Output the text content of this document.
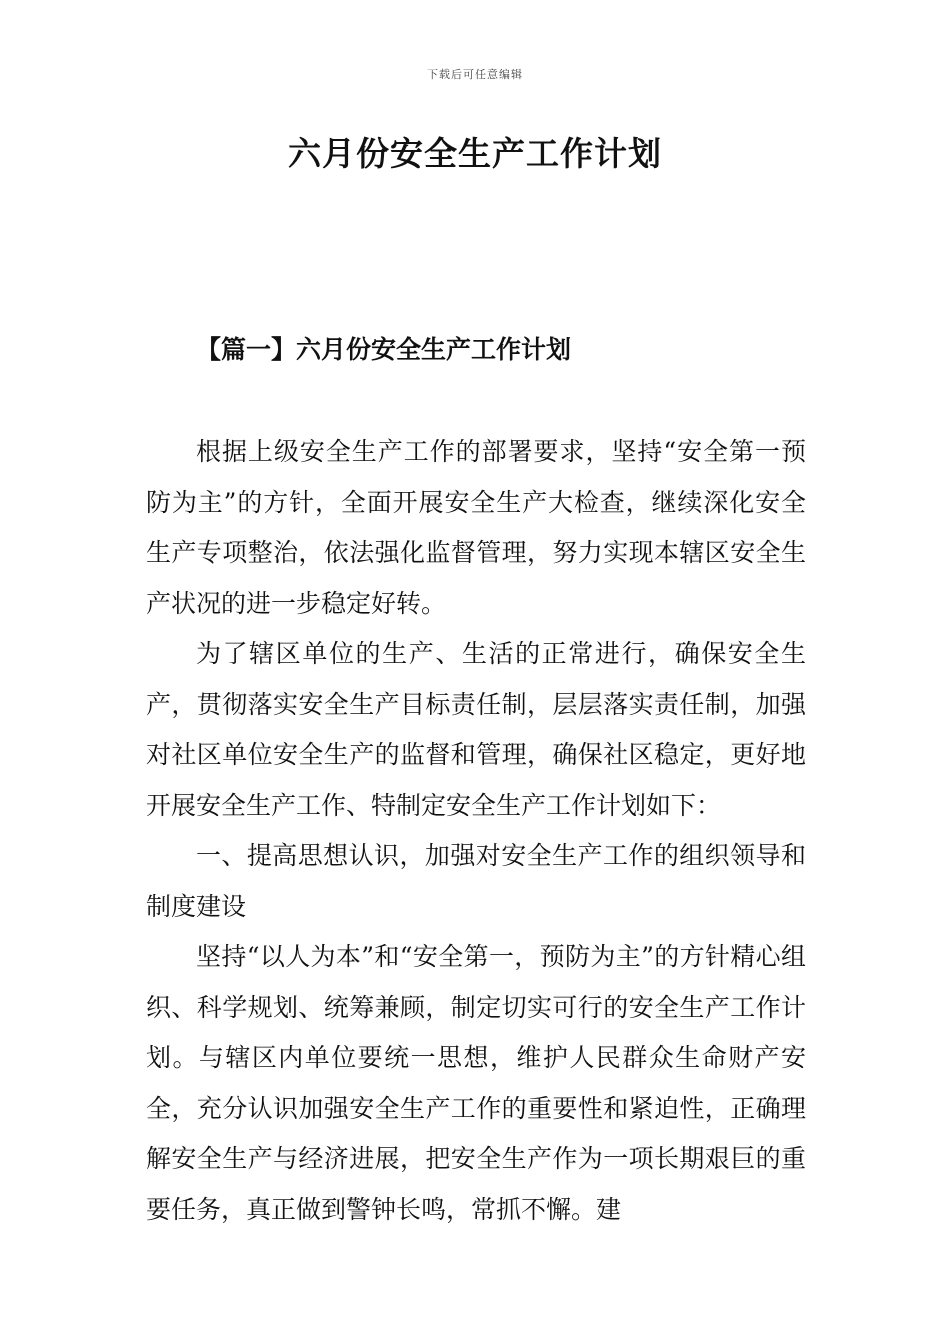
下载后可任意编辑
六月份安全生产工作计划
【篇一】六月份安全生产工作计划

根据上级安全生产工作的部署要求，坚持“安全第一预防为主”的方针，全面开展安全生产大检查，继续深化安全生产专项整治，依法强化监督管理，努力实现本辖区安全生产状况的进一步稳定好转。

为了辖区单位的生产、生活的正常进行，确保安全生产，贯彻落实安全生产目标责任制，层层落实责任制，加强对社区单位安全生产的监督和管理，确保社区稳定，更好地开展安全生产工作、特制定安全生产工作计划如下：

一、提高思想认识，加强对安全生产工作的组织领导和制度建设

坚持“以人为本”和“安全第一，预防为主”的方针精心组织、科学规划、统筹兼顾，制定切实可行的安全生产工作计划。与辖区内单位要统一思想，维护人民群众生命财产安全，充分认识加强安全生产工作的重要性和紧迫性，正确理解安全生产与经济进展，把安全生产作为一项长期艰巨的重要任务，真正做到警钟长鸣，常抓不懈。建
